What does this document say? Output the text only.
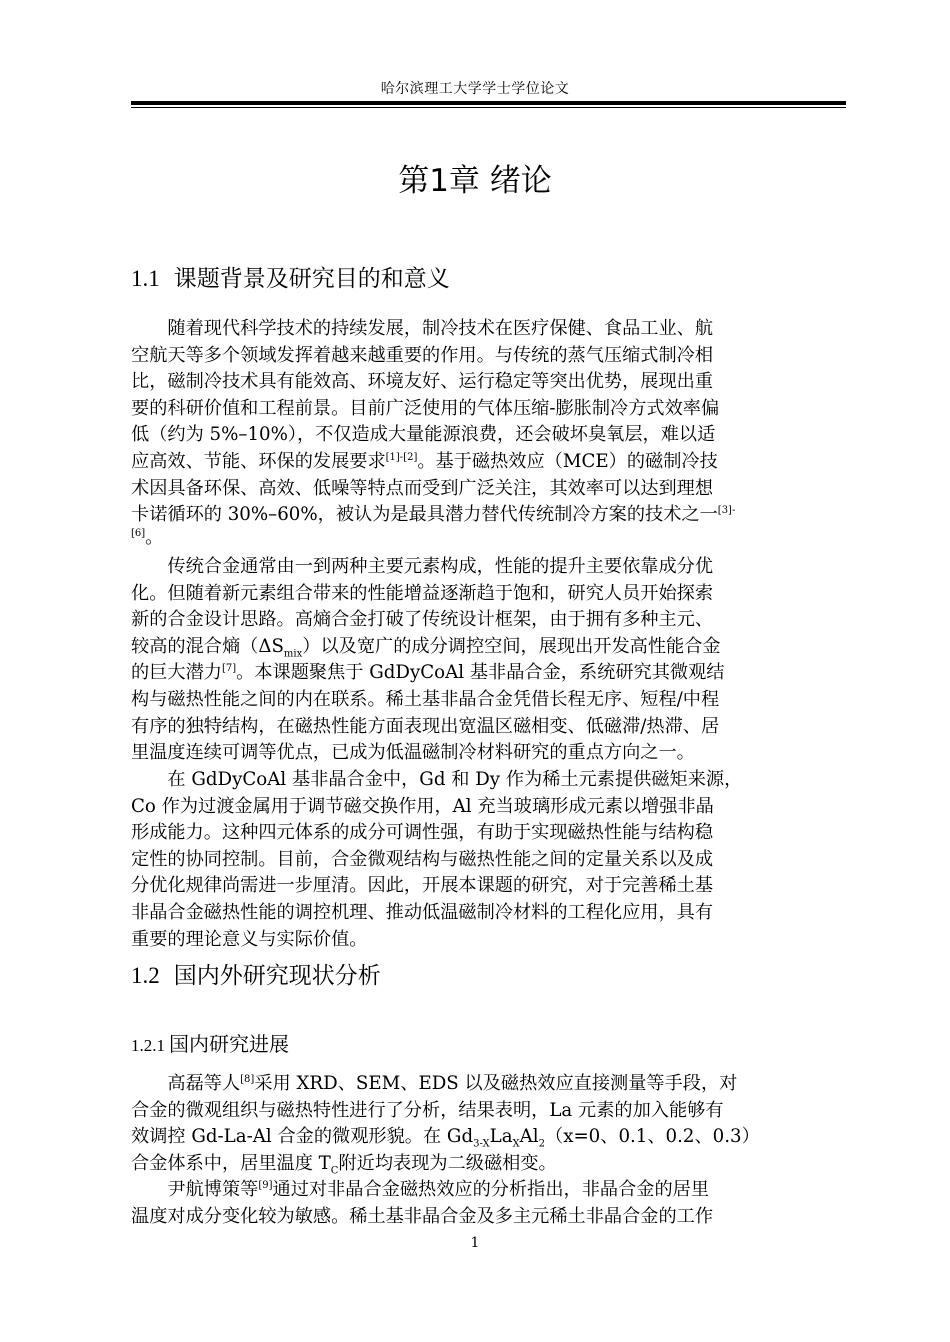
哈尔滨理工大学学士学位论文
第1章 绪论
1.1 课题背景及研究目的和意义

随着现代科学技术的持续发展，制冷技术在医疗保健、食品工业、航
空航天等多个领域发挥着越来越重要的作用。与传统的蒸气压缩式制冷相
比，磁制冷技术具有能效高、环境友好、运行稳定等突出优势，展现出重
要的科研价值和工程前景。目前广泛使用的气体压缩-膨胀制冷方式效率偏
低（约为 5%–10%），不仅造成大量能源浪费，还会破坏臭氧层，难以适
应高效、节能、环保的发展要求[1]-[2]。基于磁热效应（MCE）的磁制冷技
术因具备环保、高效、低噪等特点而受到广泛关注，其效率可以达到理想
卡诺循环的 30%–60%，被认为是最具潜力替代传统制冷方案的技术之一$^{[3]-}$
[6]。

传统合金通常由一到两种主要元素构成，性能的提升主要依靠成分优
化。但随着新元素组合带来的性能增益逐渐趋于饱和，研究人员开始探索
新的合金设计思路。高熵合金打破了传统设计框架，由于拥有多种主元、
较高的混合熵$(\Delta S_{mix})$以及宽广的成分调控空间，展现出开发高性能合金
的巨大潜力[7]。本课题聚焦于 GdDyCoAl 基非晶合金，系统研究其微观结
构与磁热性能之间的内在联系。稀土基非晶合金凭借长程无序、短程/中程
有序的独特结构，在磁热性能方面表现出宽温区磁相变、低磁滞/热滞、居
里温度连续可调等优点，已成为低温磁制冷材料研究的重点方向之一。

在 GdDyCoAl 基非晶合金中，Gd 和 Dy 作为稀土元素提供磁矩来源，
Co 作为过渡金属用于调节磁交换作用，Al 充当玻璃形成元素以增强非晶
形成能力。这种四元体系的成分可调性强，有助于实现磁热性能与结构稳
定性的协同控制。目前，合金微观结构与磁热性能之间的定量关系以及成
分优化规律尚需进一步厘清。因此，开展本课题的研究，对于完善稀土基
非晶合金磁热性能的调控机理、推动低温磁制冷材料的工程化应用，具有
重要的理论意义与实际价值。

1.2 国内外研究现状分析
1.2.1 国内研究进展

高磊等人[8]采用 XRD、SEM、EDS 以及磁热效应直接测量等手段，对
合金的微观组织与磁热特性进行了分析，结果表明，La 元素的加入能够有
效调控 Gd-La-Al 合金的微观形貌。在 $Gd_{3-X}La_XAl_2(x=0$、0.1、0.2、0.3）
合金体系中，居里温度 $T_C$附近均表现为二级磁相变。

尹航博策等[9]通过对非晶合金磁热效应的分析指出，非晶合金的居里
温度对成分变化较为敏感。稀土基非晶合金及多主元稀土非晶合金的工作

1
